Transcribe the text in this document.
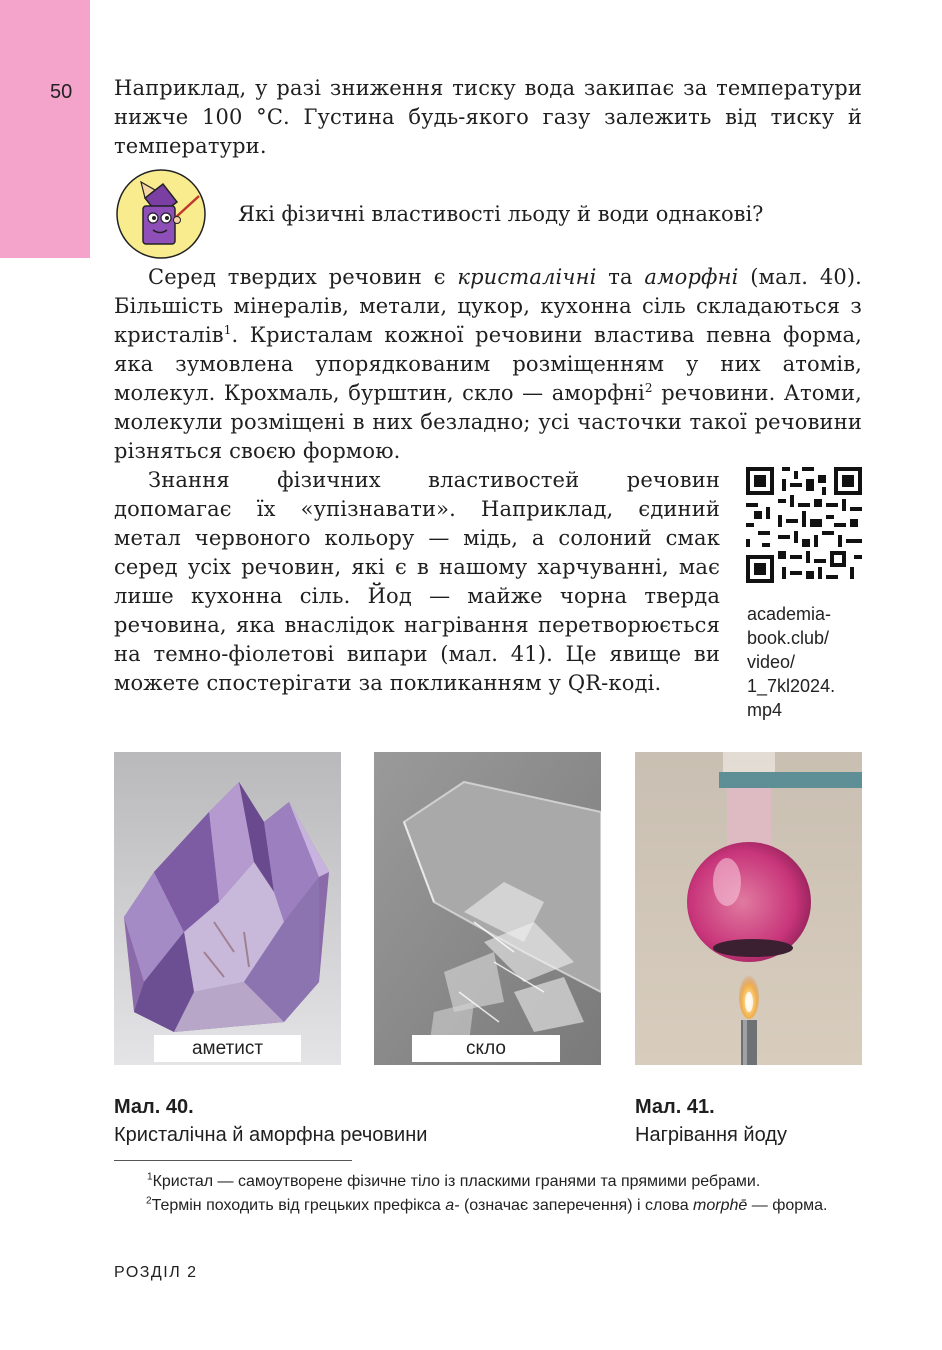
50 Наприклад, у разі зниження тиску вода закипає за температури нижче 100 °С. Густина будь-якого газу залежить від тиску й температури.

Які фізичні властивості льоду й води однакові?

Серед твердих речовин є кристалічні та аморфні (мал. 40). Більшість мінералів, метали, цукор, кухонна сіль складаються з кристалів$^1$. Кристалам кожної речовини властива певна форма, яка зумовлена упорядкованим розміщенням у них атомів, молекул. Крохмаль, бурштин, скло — аморфні$^2$ речовини. Атоми, молекули розміщені в них безладно; усі часточки такої речовини різняться своєю формою.

Знання фізичних властивостей речовин допомагає їх «упізнавати». Наприклад, єдиний метал червоного кольору — мідь, а солоний смак серед усіх речовин, які є в нашому харчуванні, має лише кухонна сіль. Йод — майже чорна тверда речовина, яка внаслідок нагрівання перетворюється на темно-фіолетові випари (мал. 41). Це явище ви можете спостерігати за покликанням у QR-коді.

academia-
book.club/
video/
1_7kl2024.
mp4
аметист	скло
Мал. 40.
Кристалічна й аморфна речовини
Мал. 41.
Нагрівання йоду
$^1$Кристал — самоутворене фізичне тіло із пласкими гранями та прямими ребрами.
$^2$Термін походить від грецьких префікса а- (означає заперечення) і слова morphē — форма.
РОЗДІЛ 2
